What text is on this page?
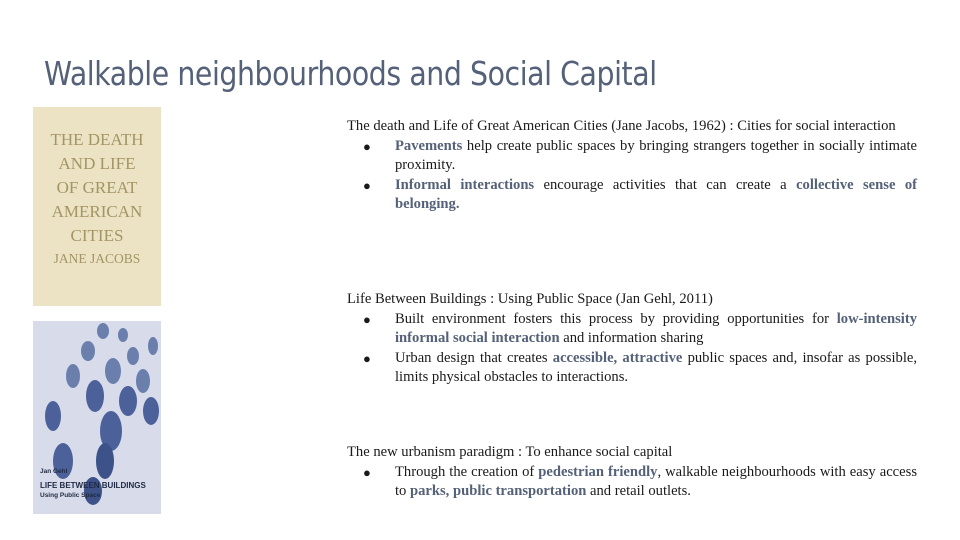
Walkable neighbourhoods and Social Capital
THE DEATH
AND LIFE
OF GREAT
AMERICAN
CITIES
JANE JACOBS
Jan Gehl
LIFE BETWEEN BUILDINGS
Using Public Space
The death and Life of Great American Cities (Jane Jacobs, 1962) : Cities for social interaction
● Pavements help create public spaces by bringing strangers together in socially intimate proximity.
● Informal interactions encourage activities that can create a collective sense of belonging.
Life Between Buildings : Using Public Space (Jan Gehl, 2011)
● Built environment fosters this process by providing opportunities for low-intensity informal social interaction and information sharing
● Urban design that creates accessible, attractive public spaces and, insofar as possible, limits physical obstacles to interactions.
The new urbanism paradigm : To enhance social capital
● Through the creation of pedestrian friendly, walkable neighbourhoods with easy access to parks, public transportation and retail outlets.
